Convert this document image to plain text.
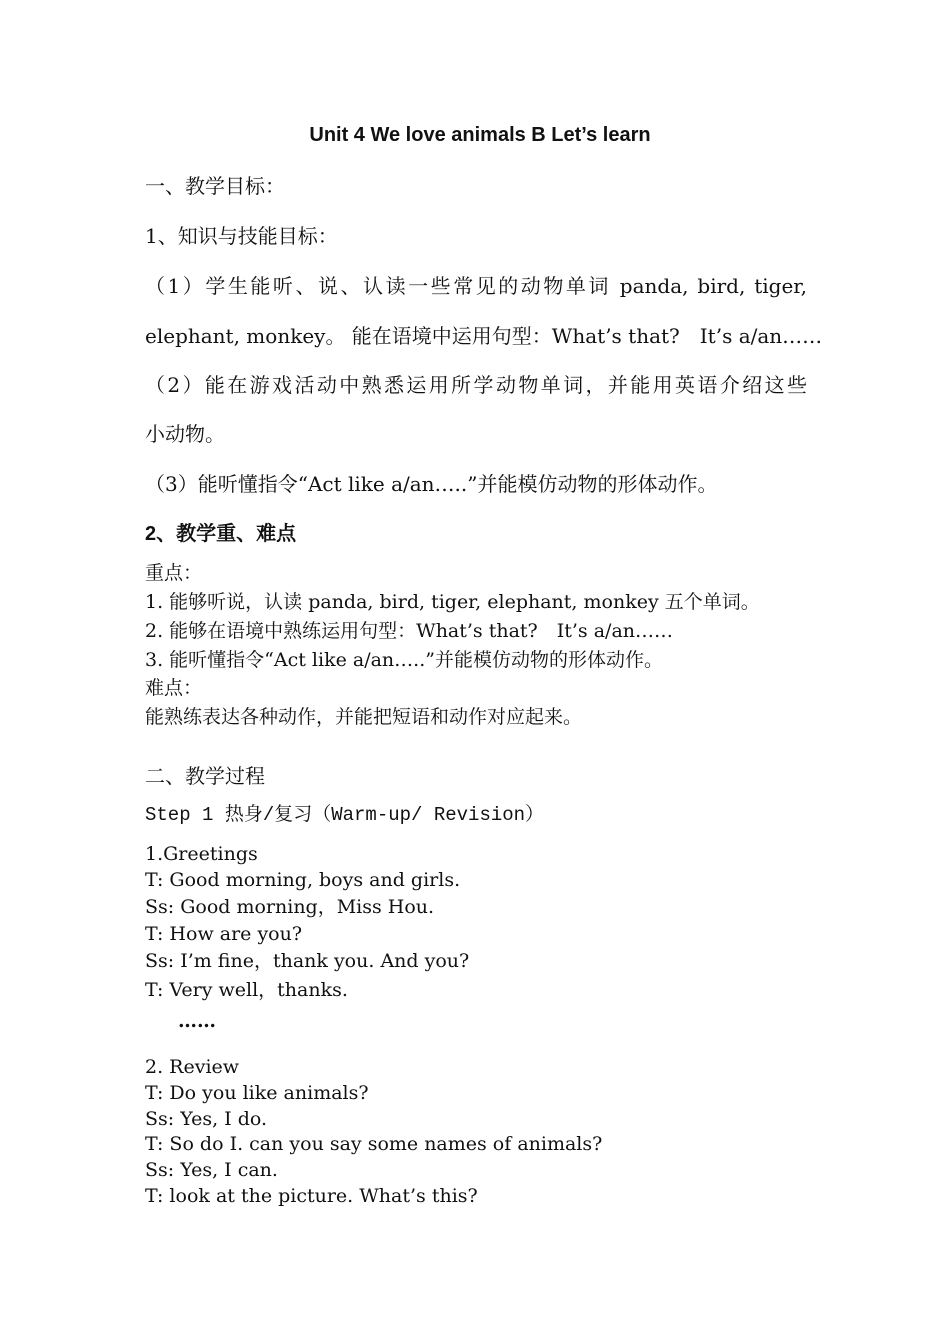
Unit 4 We love animals B Let’s learn
一、教学目标：
1、知识与技能目标：
（1）学生能听、说、认读一些常见的动物单词 panda, bird, tiger,
elephant, monkey。 能在语境中运用句型：What’s that?　It’s a/an……
（2）能在游戏活动中熟悉运用所学动物单词，并能用英语介绍这些
小动物。
（3）能听懂指令“Act like a/an…..”并能模仿动物的形体动作。
2、教学重、难点
重点：
1. 能够听说，认读 panda, bird, tiger, elephant, monkey 五个单词。
2. 能够在语境中熟练运用句型：What’s that?　It’s a/an……
3. 能听懂指令“Act like a/an…..”并能模仿动物的形体动作。
难点：
能熟练表达各种动作，并能把短语和动作对应起来。
二、教学过程
Step 1 热身/复习（Warm-up/ Revision）
1.Greetings
T: Good morning, boys and girls.
Ss: Good morning，Miss Hou.
T: How are you?
Ss: I’m fine，thank you. And you?
T: Very well，thanks.
……
2. Review
T: Do you like animals?
Ss: Yes, I do.
T: So do I. can you say some names of animals?
Ss: Yes, I can.
T: look at the picture. What’s this?
